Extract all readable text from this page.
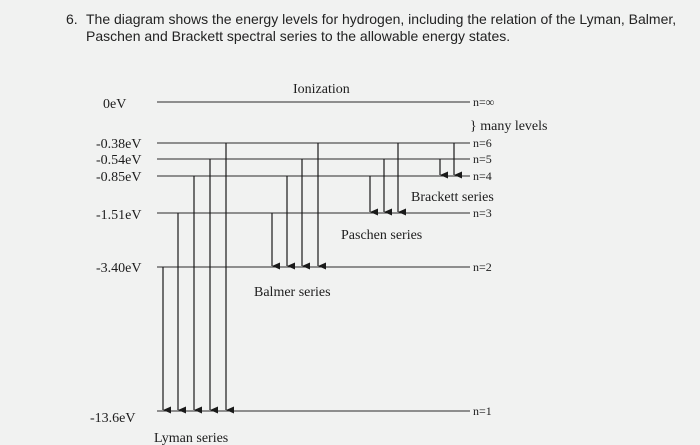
6. The diagram shows the energy levels for hydrogen, including the relation of the Lyman, Balmer, Paschen and Brackett spectral series to the allowable energy states.
Ionization
0eV
-0.38eV
-0.54eV
-0.85eV
-1.51eV
-3.40eV
-13.6eV
n=∞
n=6
n=5
n=4
n=3
n=2
n=1
} many levels
Brackett series
Paschen series
Balmer series
Lyman series
